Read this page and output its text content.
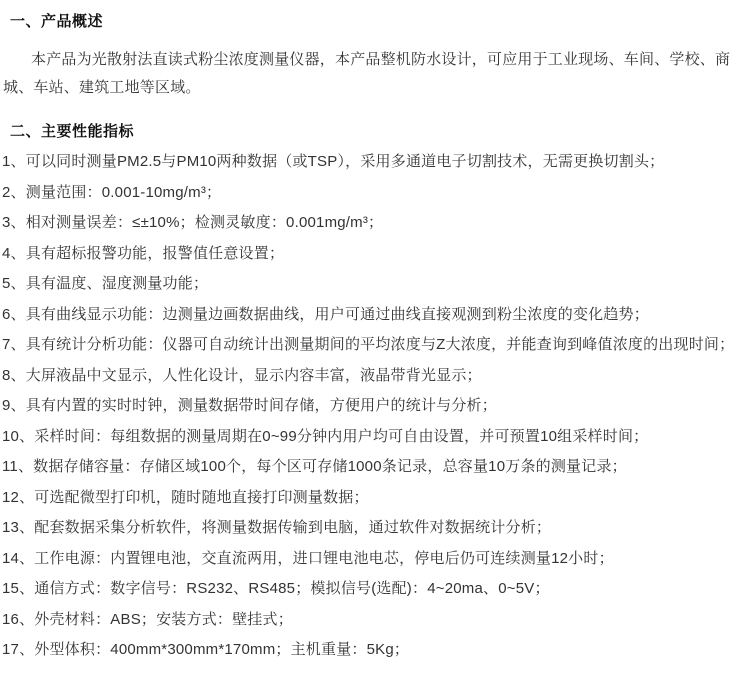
一、产品概述

本产品为光散射法直读式粉尘浓度测量仪器，本产品整机防水设计，可应用于工业现场、车间、学校、商城、车站、建筑工地等区域。

二、主要性能指标
1、可以同时测量PM2.5与PM10两种数据（或TSP），采用多通道电子切割技术，无需更换切割头；
2、测量范围：0.001-10mg/m³；
3、相对测量误差：≤±10%；检测灵敏度：0.001mg/m³；
4、具有超标报警功能，报警值任意设置；
5、具有温度、湿度测量功能；
6、具有曲线显示功能：边测量边画数据曲线，用户可通过曲线直接观测到粉尘浓度的变化趋势；
7、具有统计分析功能：仪器可自动统计出测量期间的平均浓度与Z大浓度，并能查询到峰值浓度的出现时间；
8、大屏液晶中文显示，人性化设计，显示内容丰富，液晶带背光显示；
9、具有内置的实时时钟，测量数据带时间存储，方便用户的统计与分析；
10、采样时间：每组数据的测量周期在0~99分钟内用户均可自由设置，并可预置10组采样时间；
11、数据存储容量：存储区域100个，每个区可存储1000条记录，总容量10万条的测量记录；
12、可选配微型打印机，随时随地直接打印测量数据；
13、配套数据采集分析软件，将测量数据传输到电脑，通过软件对数据统计分析；
14、工作电源：内置锂电池，交直流两用，进口锂电池电芯，停电后仍可连续测量12小时；
15、通信方式：数字信号：RS232、RS485；模拟信号(选配)：4~20ma、0~5V；
16、外壳材料：ABS；安装方式：壁挂式；
17、外型体积：400mm*300mm*170mm；主机重量：5Kg；
